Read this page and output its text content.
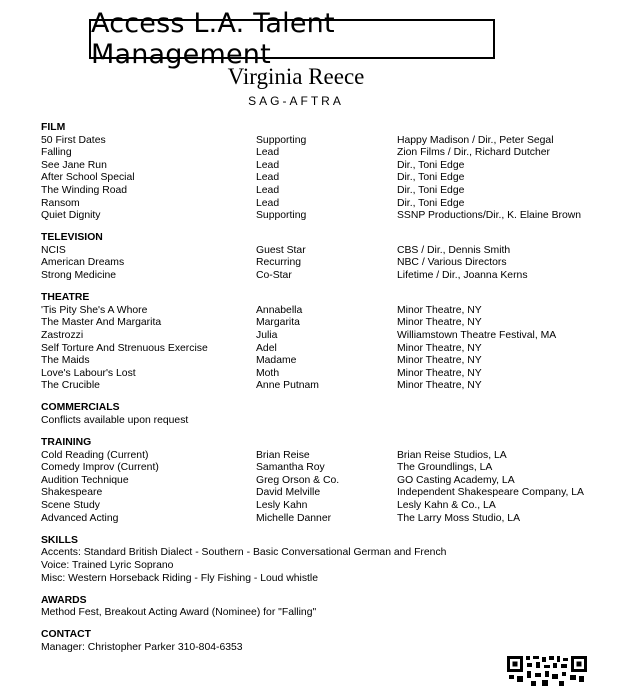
Access L.A. Talent Management
Virginia Reece
SAG-AFTRA
FILM
50 First Dates	Supporting	Happy Madison / Dir., Peter Segal
Falling	Lead	Zion Films / Dir., Richard Dutcher
See Jane Run	Lead	Dir., Toni Edge
After School Special	Lead	Dir., Toni Edge
The Winding Road	Lead	Dir., Toni Edge
Ransom	Lead	Dir., Toni Edge
Quiet Dignity	Supporting	SSNP Productions/Dir., K. Elaine Brown
TELEVISION
NCIS	Guest Star	CBS / Dir., Dennis Smith
American Dreams	Recurring	NBC / Various Directors
Strong Medicine	Co-Star	Lifetime / Dir., Joanna Kerns
THEATRE
'Tis Pity She's A Whore	Annabella	Minor Theatre, NY
The Master And Margarita	Margarita	Minor Theatre, NY
Zastrozzi	Julia	Williamstown Theatre Festival, MA
Self Torture And Strenuous Exercise	Adel	Minor Theatre, NY
The Maids	Madame	Minor Theatre, NY
Love's Labour's Lost	Moth	Minor Theatre, NY
The Crucible	Anne Putnam	Minor Theatre, NY
COMMERCIALS
Conflicts available upon request
TRAINING
Cold Reading (Current)	Brian Reise	Brian Reise Studios, LA
Comedy Improv (Current)	Samantha Roy	The Groundlings, LA
Audition Technique	Greg Orson & Co.	GO Casting Academy, LA
Shakespeare	David Melville	Independent Shakespeare Company, LA
Scene Study	Lesly Kahn	Lesly Kahn & Co., LA
Advanced Acting	Michelle Danner	The Larry Moss Studio, LA
SKILLS
Accents: Standard British Dialect - Southern - Basic Conversational German and French
Voice: Trained Lyric Soprano
Misc: Western Horseback Riding - Fly Fishing - Loud whistle
AWARDS
Method Fest, Breakout Acting Award (Nominee) for "Falling"
CONTACT
Manager: Christopher Parker 310-804-6353
